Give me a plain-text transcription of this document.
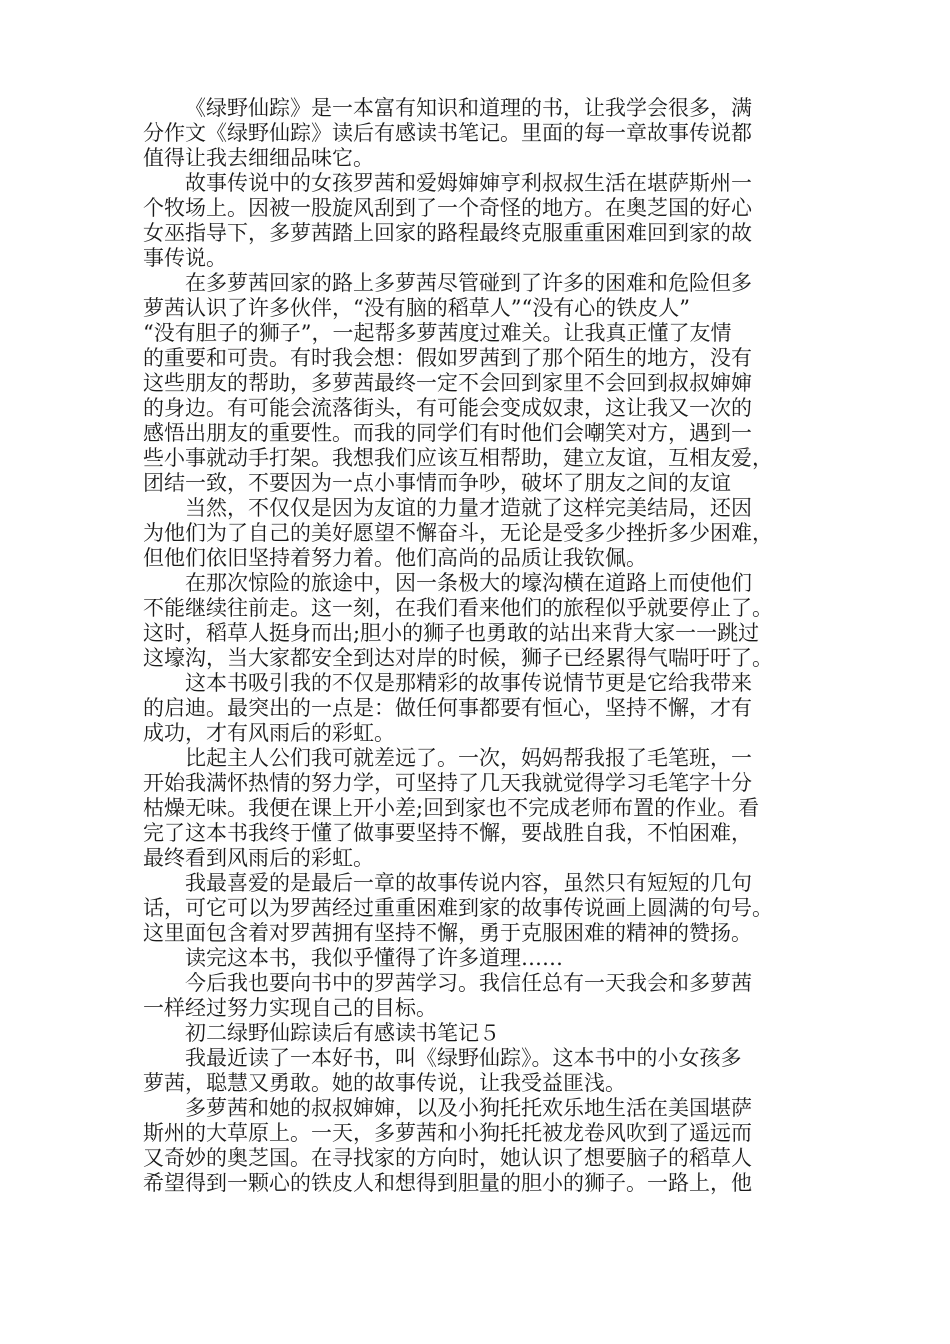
《绿野仙踪》是一本富有知识和道理的书，让我学会很多，满
分作文《绿野仙踪》读后有感读书笔记。里面的每一章故事传说都
值得让我去细细品味它。
故事传说中的女孩罗茜和爱姆婶婶亨利叔叔生活在堪萨斯州一
个牧场上。因被一股旋风刮到了一个奇怪的地方。在奥芝国的好心
女巫指导下，多萝茜踏上回家的路程最终克服重重困难回到家的故
事传说。
在多萝茜回家的路上多萝茜尽管碰到了许多的困难和危险但多
萝茜认识了许多伙伴，“没有脑的稻草人”“没有心的铁皮人”
“没有胆子的狮子”，一起帮多萝茜度过难关。让我真正懂了友情
的重要和可贵。有时我会想：假如罗茜到了那个陌生的地方，没有
这些朋友的帮助，多萝茜最终一定不会回到家里不会回到叔叔婶婶
的身边。有可能会流落街头，有可能会变成奴隶，这让我又一次的
感悟出朋友的重要性。而我的同学们有时他们会嘲笑对方，遇到一
些小事就动手打架。我想我们应该互相帮助，建立友谊，互相友爱，
团结一致，不要因为一点小事情而争吵，破坏了朋友之间的友谊
当然，不仅仅是因为友谊的力量才造就了这样完美结局，还因
为他们为了自己的美好愿望不懈奋斗，无论是受多少挫折多少困难，
但他们依旧坚持着努力着。他们高尚的品质让我钦佩。
在那次惊险的旅途中，因一条极大的壕沟横在道路上而使他们
不能继续往前走。这一刻，在我们看来他们的旅程似乎就要停止了。
这时，稻草人挺身而出;胆小的狮子也勇敢的站出来背大家一一跳过
这壕沟，当大家都安全到达对岸的时候，狮子已经累得气喘吁吁了。
这本书吸引我的不仅是那精彩的故事传说情节更是它给我带来
的启迪。最突出的一点是：做任何事都要有恒心，坚持不懈，才有
成功，才有风雨后的彩虹。
比起主人公们我可就差远了。一次，妈妈帮我报了毛笔班，一
开始我满怀热情的努力学，可坚持了几天我就觉得学习毛笔字十分
枯燥无味。我便在课上开小差;回到家也不完成老师布置的作业。看
完了这本书我终于懂了做事要坚持不懈，要战胜自我，不怕困难，
最终看到风雨后的彩虹。
我最喜爱的是最后一章的故事传说内容，虽然只有短短的几句
话，可它可以为罗茜经过重重困难到家的故事传说画上圆满的句号。
这里面包含着对罗茜拥有坚持不懈，勇于克服困难的精神的赞扬。
读完这本书，我似乎懂得了许多道理……
今后我也要向书中的罗茜学习。我信任总有一天我会和多萝茜
一样经过努力实现自己的目标。
初二绿野仙踪读后有感读书笔记５
我最近读了一本好书，叫《绿野仙踪》。这本书中的小女孩多
萝茜，聪慧又勇敢。她的故事传说，让我受益匪浅。
多萝茜和她的叔叔婶婶，以及小狗托托欢乐地生活在美国堪萨
斯州的大草原上。一天，多萝茜和小狗托托被龙卷风吹到了遥远而
又奇妙的奥芝国。在寻找家的方向时，她认识了想要脑子的稻草人
希望得到一颗心的铁皮人和想得到胆量的胆小的狮子。一路上，他
